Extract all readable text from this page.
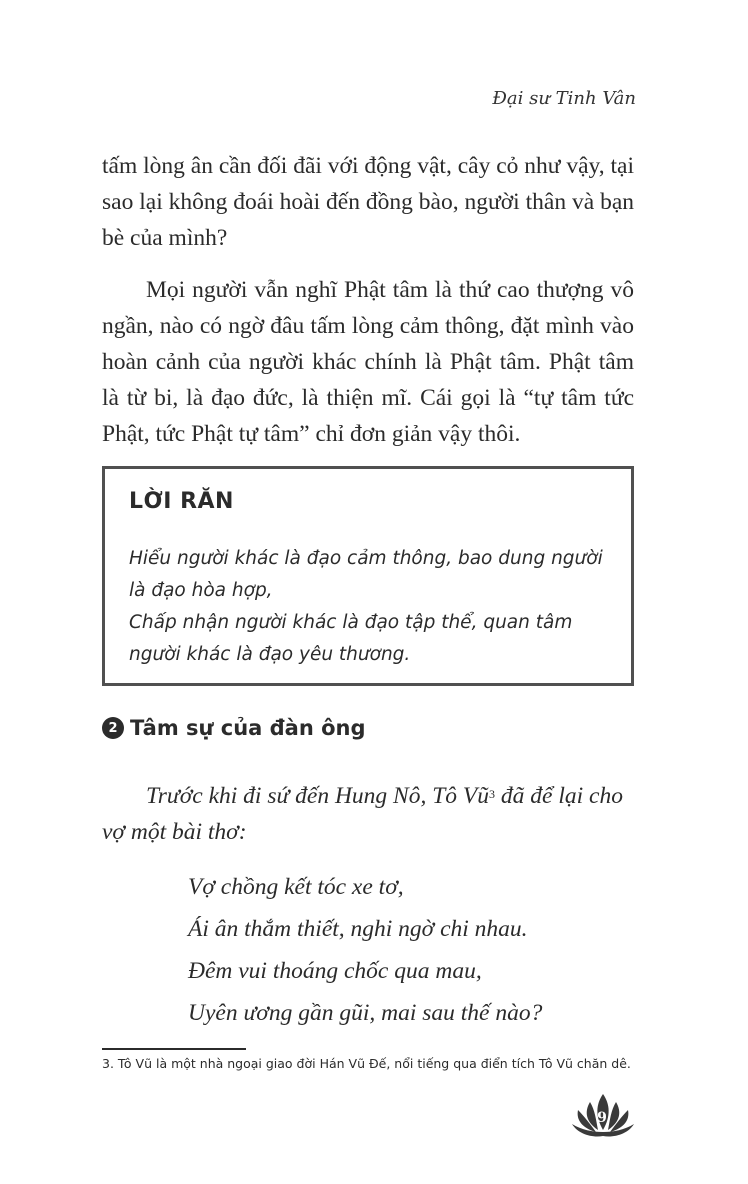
Đại sư Tinh Vân

tấm lòng ân cần đối đãi với động vật, cây cỏ như vậy, tại sao lại không đoái hoài đến đồng bào, người thân và bạn bè của mình?

Mọi người vẫn nghĩ Phật tâm là thứ cao thượng vô ngần, nào có ngờ đâu tấm lòng cảm thông, đặt mình vào hoàn cảnh của người khác chính là Phật tâm. Phật tâm là từ bi, là đạo đức, là thiện mĩ. Cái gọi là “tự tâm tức Phật, tức Phật tự tâm” chỉ đơn giản vậy thôi.

LỜI RĂN

Hiểu người khác là đạo cảm thông, bao dung người là đạo hòa hợp,
Chấp nhận người khác là đạo tập thể, quan tâm người khác là đạo yêu thương.

2 Tâm sự của đàn ông

Trước khi đi sứ đến Hung Nô, Tô Vũ$^3$ đã để lại cho vợ một bài thơ:

Vợ chồng kết tóc xe tơ,
Ái ân thắm thiết, nghi ngờ chi nhau.
Đêm vui thoáng chốc qua mau,
Uyên ương gần gũi, mai sau thế nào?
3. Tô Vũ là một nhà ngoại giao đời Hán Vũ Đế, nổi tiếng qua điển tích Tô Vũ chăn dê.
9
